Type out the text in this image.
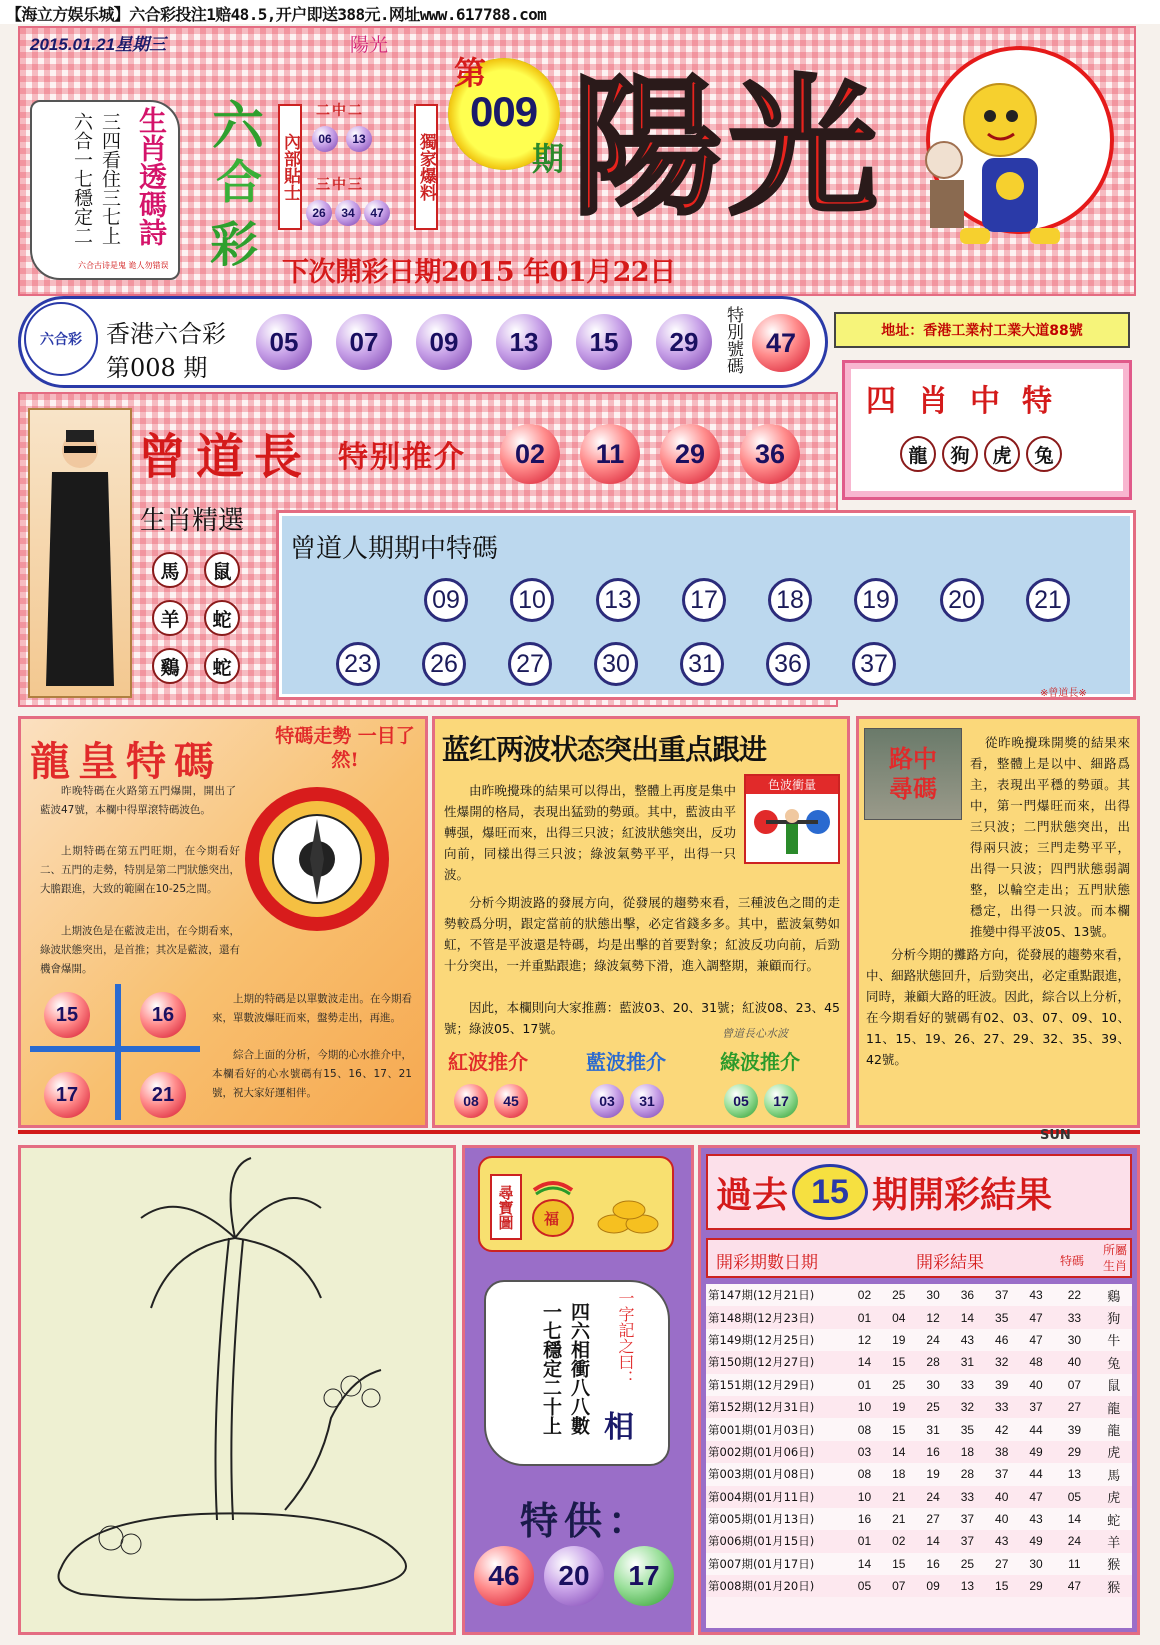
【海立方娱乐城】六合彩投注1赔48.5,开户即送388元.网址www.617788.com
2015.01.21星期三	陽光
三四看住三七上
六合一七穩定二
六合古诗是鬼 诡人勿错误
生肖透碼詩 六
合
彩
內部貼士
二中二
06	13
三中三
26	34	47
獨家爆料
第
009
期 陽光
下次開彩日期2015 年01月22日
六合彩 香港六合彩
第008 期
05	07	09	13	15	29	特別號碼 47	地址：香港工業村工業大道88號
四肖中特
龍	狗	虎	兔
曾道長 特别推介	02	11	29	36
生肖精選
馬	鼠
羊	蛇
鷄	蛇
曾道人期期中特碼
09	10	13	17	18	19	20	21
23	26	27	30	31	36	37
※曾道長※
龍皇特碼
特碼走勢 一目了然!

昨晚特碼在火路第五門爆開，開出了藍波47號，本欄中得單滾特碼波色。

上期特碼在第五門旺期，在今期看好二、五門的走勢，特別是第二門狀態突出，大膽跟進，大致的範圍在10-25之間。

上期波色是在藍波走出，在今期看來，綠波狀態突出，是首推；其次是藍波，還有機會爆開。

上期的特碼是以單數波走出。在今期看來，單數波爆旺而來，盤勢走出，再進。

綜合上面的分析，今期的心水推介中，本欄看好的心水號碼有15、16、17、21號，祝大家好運相伴。

15	16
17	21
蓝红两波状态突出重点跟进
色波衝量

由昨晚攪珠的結果可以得出，整體上再度是集中性爆開的格局，表現出猛勁的勢頭。其中，藍波由平轉强，爆旺而來，出得三只波；紅波狀態突出，反功向前，同樣出得三只波；綠波氣勢平平，出得一只波。

分析今期波路的發展方向，從發展的趨勢來看，三種波色之間的走勢較爲分明，跟定當前的狀態出擊，必定省錢多多。其中，藍波氣勢如虹，不管是平波還是特碼，均是出擊的首要對象；紅波反功向前，后勁十分突出，一并重點跟進；綠波氣勢下滑，進入調整期，兼顧而行。

因此，本欄則向大家推薦：藍波03、20、31號；紅波08、23、45號；綠波05、17號。	曾道長心水波
紅波推介	藍波推介	綠波推介
08	45	03	31	05	17
路中尋碼

從昨晚攪珠開獎的結果來看，整體上是以中、細路爲主，表現出平穩的勢頭。其中，第一門爆旺而來，出得三只波；二門狀態突出，出得兩只波；三門走勢平平，出得一只波；四門狀態弱調整，以輪空走出；五門狀態穩定，出得一只波。而本欄推變中得平波05、13號。

分析今期的攤路方向，從發展的趨勢來看，中、細路狀態回升，后勁突出，必定重點跟進，同時，兼顧大路的旺波。因此，綜合以上分析，在今期看好的號碼有02、03、07、09、10、11、15、19、26、27、29、32、35、39、42號。

SUN
尋寶圖	福
四六相衝八八數
一七穩定二十上	一字記之曰：
相
特供：
46	20	17
過去 15 期開彩結果
開彩期數日期	開彩結果	特碼
所屬生肖
第147期(12月21日)	02	25	30	36	37	43	22	鷄
第148期(12月23日)	01	04	12	14	35	47	33	狗
第149期(12月25日)	12	19	24	43	46	47	30	牛
第150期(12月27日)	14	15	28	31	32	48	40	兔
第151期(12月29日)	01	25	30	33	39	40	07	鼠
第152期(12月31日)	10	19	25	32	33	37	27	龍
第001期(01月03日)	08	15	31	35	42	44	39	龍
第002期(01月06日)	03	14	16	18	38	49	29	虎
第003期(01月08日)	08	18	19	28	37	44	13	馬
第004期(01月11日)	10	21	24	33	40	47	05	虎
第005期(01月13日)	16	21	27	37	40	43	14	蛇
第006期(01月15日)	01	02	14	37	43	49	24	羊
第007期(01月17日)	14	15	16	25	27	30	11	猴
第008期(01月20日)	05	07	09	13	15	29	47	猴
